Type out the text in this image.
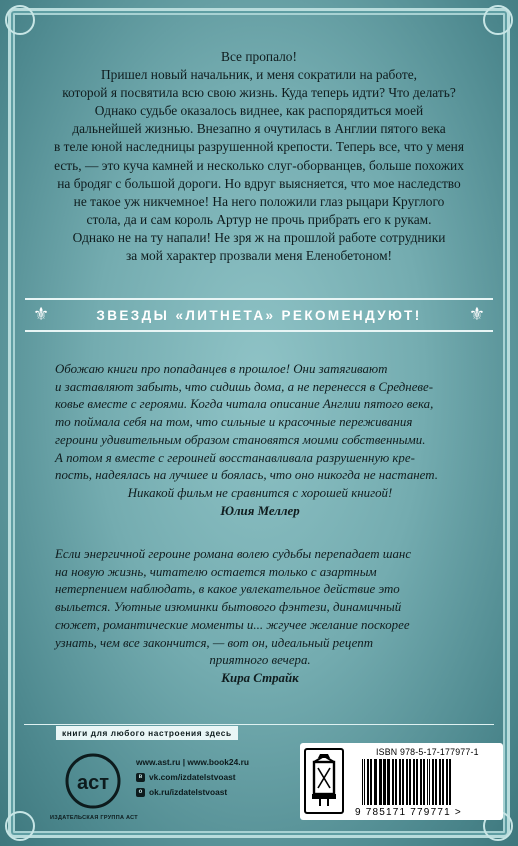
Все пропало!

Пришел новый начальник, и меня сократили на работе,

которой я посвятила всю свою жизнь. Куда теперь идти? Что делать?

Однако судьбе оказалось виднее, как распорядиться моей

дальнейшей жизнью. Внезапно я очутилась в Англии пятого века

в теле юной наследницы разрушенной крепости. Теперь все, что у меня

есть, — это куча камней и несколько слуг-оборванцев, больше похожих

на бродяг с большой дороги. Но вдруг выясняется, что мое наследство

не такое уж никчемное! На него положили глаз рыцари Круглого

стола, да и сам король Артур не прочь прибрать его к рукам.

Однако не на ту напали! Не зря ж на прошлой работе сотрудники

за мой характер прозвали меня Еленобетоном!

⚜	ЗВЕЗДЫ «ЛИТНЕТА» РЕКОМЕНДУЮТ!	⚜
Обожаю книги про попаданцев в прошлое! Они затягивают
и заставляют забыть, что сидишь дома, а не перенесся в Средневе-
ковье вместе с героями. Когда читала описание Англии пятого века,
то поймала себя на том, что сильные и красочные переживания
героини удивительным образом становятся моими собственными.
А потом я вместе с героиней восстанавливала разрушенную кре-
пость, надеялась на лучшее и боялась, что оно никогда не настанет.
Никакой фильм не сравнится с хорошей книгой!
Юлия Меллер
Если энергичной героине романа волею судьбы перепадает шанс
на новую жизнь, читателю остается только с азартным
нетерпением наблюдать, в какое увлекательное действие это
выльется. Уютные изюминки бытового фэнтези, динамичный
сюжет, романтические моменты и... жгучее желание поскорее
узнать, чем все закончится, — вот он, идеальный рецепт
приятного вечера.
Кира Страйк
книги для любого настроения здесь
аст
ИЗДАТЕЛЬСКАЯ ГРУППА АСТ
www.ast.ru | www.book24.ru
в vk.com/izdatelstvoast
о ok.ru/izdatelstvoast
ISBN 978-5-17-177977-1
9 785171 779771 >
